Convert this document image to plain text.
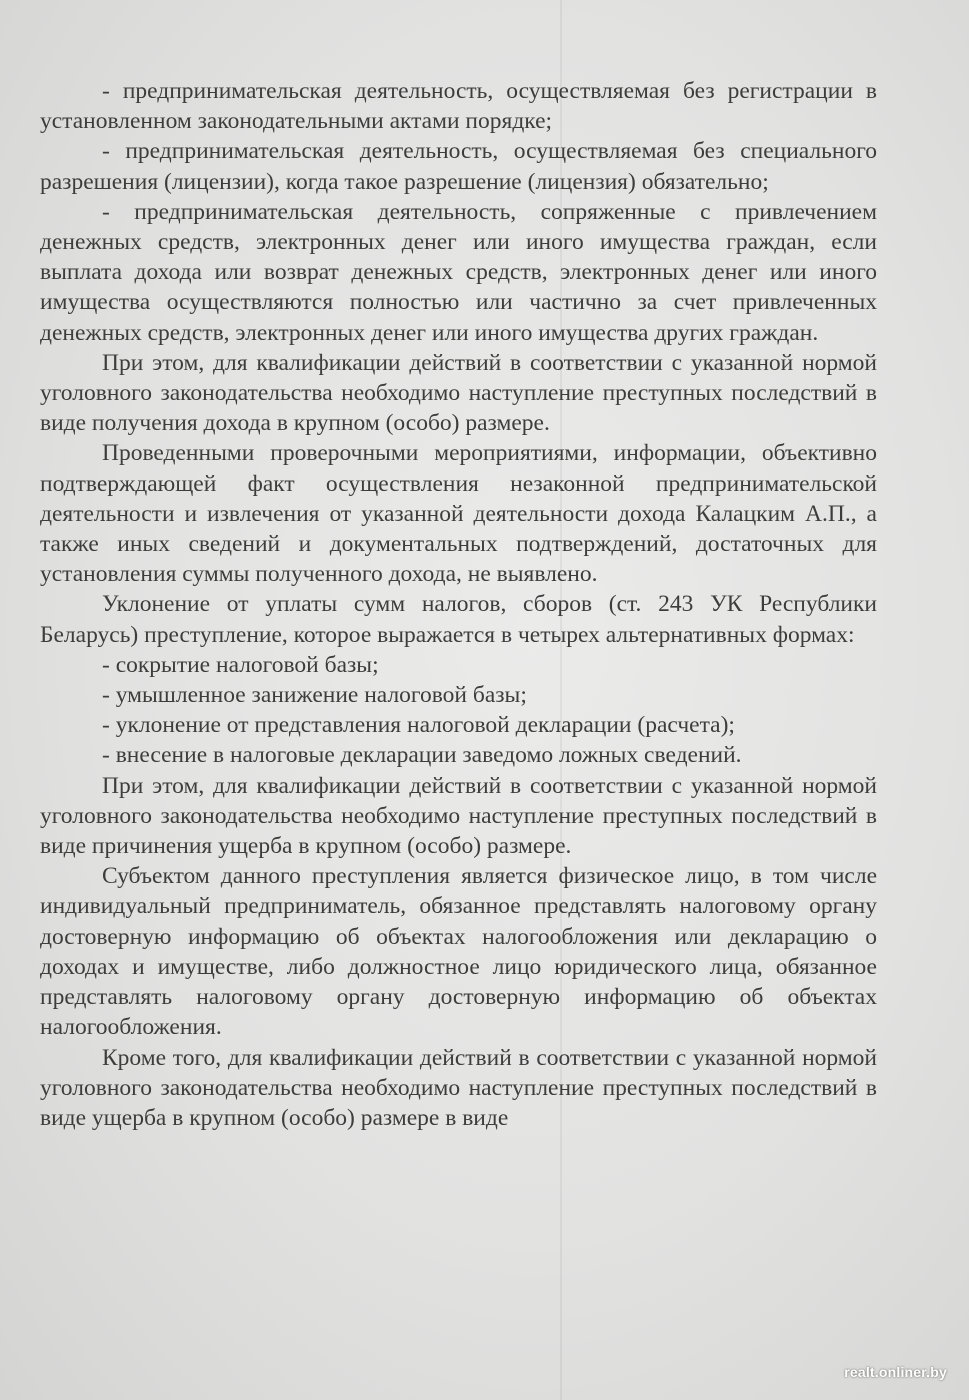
- предпринимательская деятельность, осуществляемая без регистрации в установленном законодательными актами порядке;

- предпринимательская деятельность, осуществляемая без специального разрешения (лицензии), когда такое разрешение (лицензия) обязательно;

- предпринимательская деятельность, сопряженные с привлечением денежных средств, электронных денег или иного имущества граждан, если выплата дохода или возврат денежных средств, электронных денег или иного имущества осуществляются полностью или частично за счет привлеченных денежных средств, электронных денег или иного имущества других граждан.

При этом, для квалификации действий в соответствии с указанной нормой уголовного законодательства необходимо наступление преступных последствий в виде получения дохода в крупном (особо) размере.

Проведенными проверочными мероприятиями, информации, объективно подтверждающей факт осуществления незаконной предпринимательской деятельности и извлечения от указанной деятельности дохода Калацким А.П., а также иных сведений и документальных подтверждений, достаточных для установления суммы полученного дохода, не выявлено.

Уклонение от уплаты сумм налогов, сборов (ст. 243 УК Республики Беларусь) преступление, которое выражается в четырех альтернативных формах:

- сокрытие налоговой базы;

- умышленное занижение налоговой базы;

- уклонение от представления налоговой декларации (расчета);

- внесение в налоговые декларации заведомо ложных сведений.

При этом, для квалификации действий в соответствии с указанной нормой уголовного законодательства необходимо наступление преступных последствий в виде причинения ущерба в крупном (особо) размере.

Субъектом данного преступления является физическое лицо, в том числе индивидуальный предприниматель, обязанное представлять налоговому органу достоверную информацию об объектах налогообложения или декларацию о доходах и имуществе, либо должностное лицо юридического лица, обязанное представлять налоговому органу достоверную информацию об объектах налогообложения.

Кроме того, для квалификации действий в соответствии с указанной нормой уголовного законодательства необходимо наступление преступных последствий в виде ущерба в крупном (особо) размере в виде

realt.onliner.by
